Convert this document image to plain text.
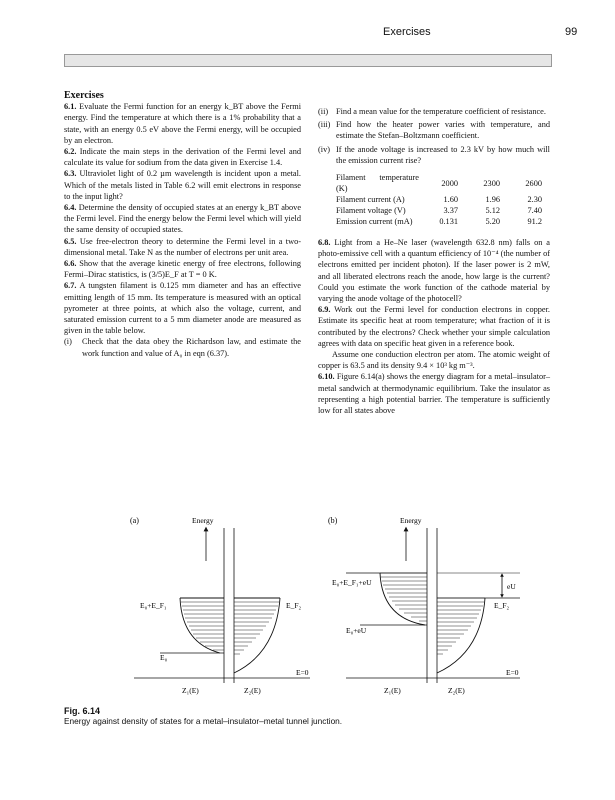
Exercises	99

Exercises

6.1. Evaluate the Fermi function for an energy k_BT above the Fermi energy. Find the temperature at which there is a 1% probability that a state, with an energy 0.5 eV above the Fermi energy, will be occupied by an electron.

6.2. Indicate the main steps in the derivation of the Fermi level and calculate its value for sodium from the data given in Exercise 1.4.

6.3. Ultraviolet light of 0.2 µm wavelength is incident upon a metal. Which of the metals listed in Table 6.2 will emit electrons in response to the input light?

6.4. Determine the density of occupied states at an energy k_BT above the Fermi level. Find the energy below the Fermi level which will yield the same density of occupied states.

6.5. Use free-electron theory to determine the Fermi level in a two-dimensional metal. Take N as the number of electrons per unit area.

6.6. Show that the average kinetic energy of free electrons, following Fermi–Dirac statistics, is (3/5)E_F at T = 0 K.

6.7. A tungsten filament is 0.125 mm diameter and has an effective emitting length of 15 mm. Its temperature is measured with an optical pyrometer at three points, at which also the voltage, current, and saturated emission current to a 5 mm diameter anode are measured as given in the table below.

(i)	Check that the data obey the Richardson law, and estimate the work function and value of A₀ in eqn (6.37).
(ii) Find a mean value for the temperature coefficient of resistance.
(iii) Find how the heater power varies with temperature, and estimate the Stefan–Boltzmann coefficient.
(iv) If the anode voltage is increased to 2.3 kV by how much will the emission current rise?
Filament temperature (K)	2000	2300	2600
Filament current (A)	1.60	1.96	2.30
Filament voltage (V)	3.37	5.12	7.40
Emission current (mA)	0.131	5.20	91.2

6.8. Light from a He–Ne laser (wavelength 632.8 nm) falls on a photo-emissive cell with a quantum efficiency of 10⁻⁴ (the number of electrons emitted per incident photon). If the laser power is 2 mW, and all liberated electrons reach the anode, how large is the current? Could you estimate the work function of the cathode material by varying the anode voltage of the photocell?

6.9. Work out the Fermi level for conduction electrons in copper. Estimate its specific heat at room temperature; what fraction of it is contributed by the electrons? Check whether your simple calculation agrees with data on specific heat given in a reference book.

Assume one conduction electron per atom. The atomic weight of copper is 63.5 and its density 9.4 × 10³ kg m⁻³.

6.10. Figure 6.14(a) shows the energy diagram for a metal–insulator–metal sandwich at thermodynamic equilibrium. Take the insulator as representing a high potential barrier. The temperature is sufficiently low for all states above

(a)	Energy
E₀+E_F₁	E_F₂
E₀
E=0
Z₁(E)	Z₂(E)
(b)	Energy
E₀+E_F₁+eU	eU
E_F₂
E₀+eU
E=0
Z₁(E)	Z₂(E)
Fig. 6.14
Energy against density of states for a metal–insulator–metal tunnel junction.
